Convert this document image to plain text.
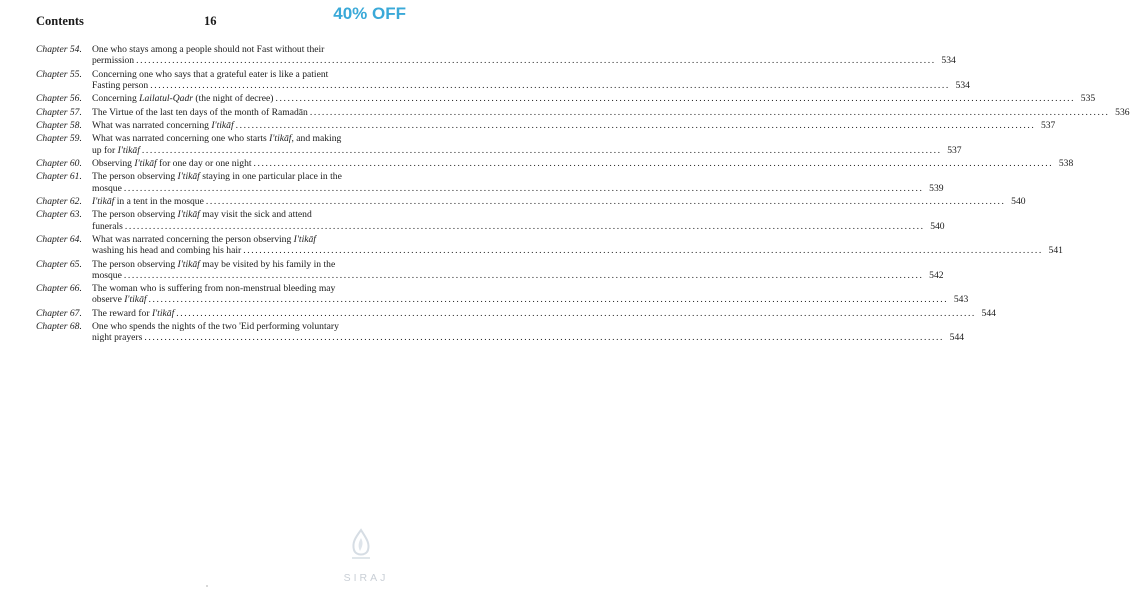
Contents	16	40% OFF
Chapter 54.	One who stays among a people should not Fast without their
permission ........................................................................................................................................................................................................ 534
Chapter 55.	Concerning one who says that a grateful eater is like a patient
Fasting person ........................................................................................................................................................................................................ 534
Chapter 56.	Concerning Lailatul-Qadr (the night of decree) ........................................................................................................................................................................................................ 535
Chapter 57.	The Virtue of the last ten days of the month of Ramadān ........................................................................................................................................................................................................ 536
Chapter 58.	What was narrated concerning I'tikāf ........................................................................................................................................................................................................ 537
Chapter 59.	What was narrated concerning one who starts I'tikāf, and making
up for I'tikāf ........................................................................................................................................................................................................ 537
Chapter 60.	Observing I'tikāf for one day or one night ........................................................................................................................................................................................................ 538
Chapter 61.	The person observing I'tikāf staying in one particular place in the
mosque ........................................................................................................................................................................................................ 539
Chapter 62.	I'tikāf in a tent in the mosque ........................................................................................................................................................................................................ 540
Chapter 63.	The person observing I'tikāf may visit the sick and attend
funerals ........................................................................................................................................................................................................ 540
Chapter 64.	What was narrated concerning the person observing I'tikāf
washing his head and combing his hair ........................................................................................................................................................................................................ 541
Chapter 65.	The person observing I'tikāf may be visited by his family in the
mosque ........................................................................................................................................................................................................ 542
Chapter 66.	The woman who is suffering from non-menstrual bleeding may
observe I'tikāf ........................................................................................................................................................................................................ 543
Chapter 67.	The reward for I'tikāf ........................................................................................................................................................................................................ 544
Chapter 68.	One who spends the nights of the two 'Eid performing voluntary
night prayers ........................................................................................................................................................................................................ 544
SIRAJ
